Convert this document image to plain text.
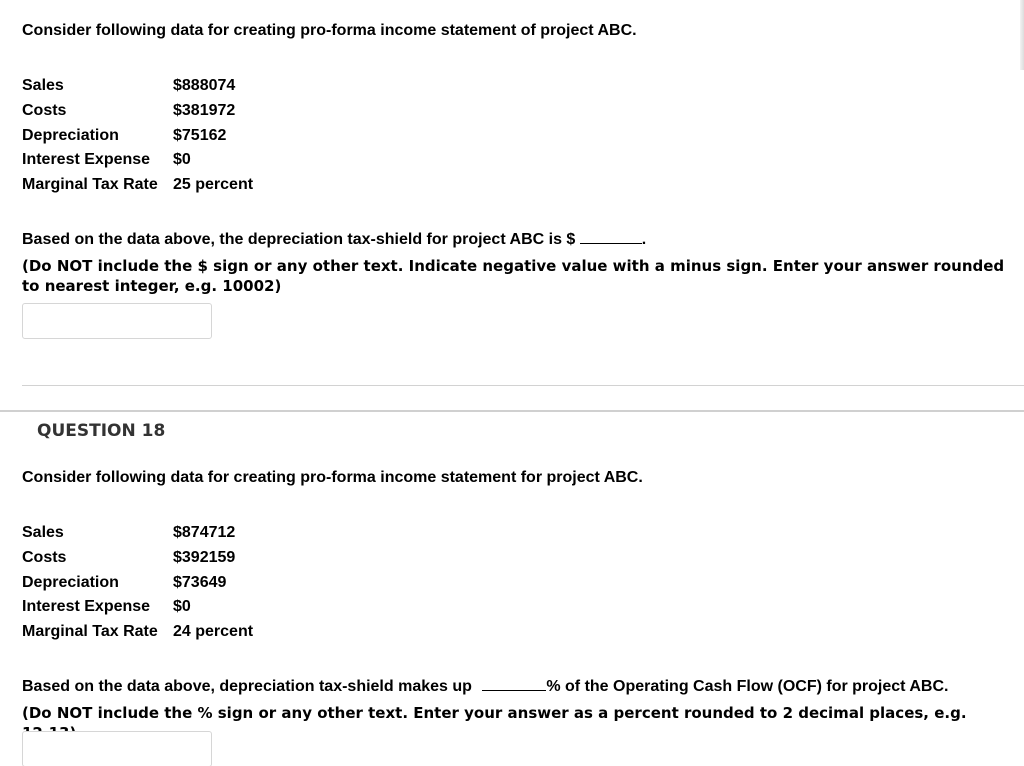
Consider following data for creating pro-forma income statement of project ABC.
Sales	$888074
Costs	$381972
Depreciation	$75162
Interest Expense	$0
Marginal Tax Rate	25 percent
Based on the data above, the depreciation tax-shield for project ABC is $	.
(Do NOT include the $ sign or any other text. Indicate negative value with a minus sign. Enter your answer rounded to nearest integer, e.g. 10002)
QUESTION 18
Consider following data for creating pro-forma income statement for project ABC.
Sales	$874712
Costs	$392159
Depreciation	$73649
Interest Expense	$0
Marginal Tax Rate	24 percent
Based on the data above, depreciation tax-shield makes up	% of the Operating Cash Flow (OCF) for project ABC.
(Do NOT include the % sign or any other text. Enter your answer as a percent rounded to 2 decimal places, e.g.
